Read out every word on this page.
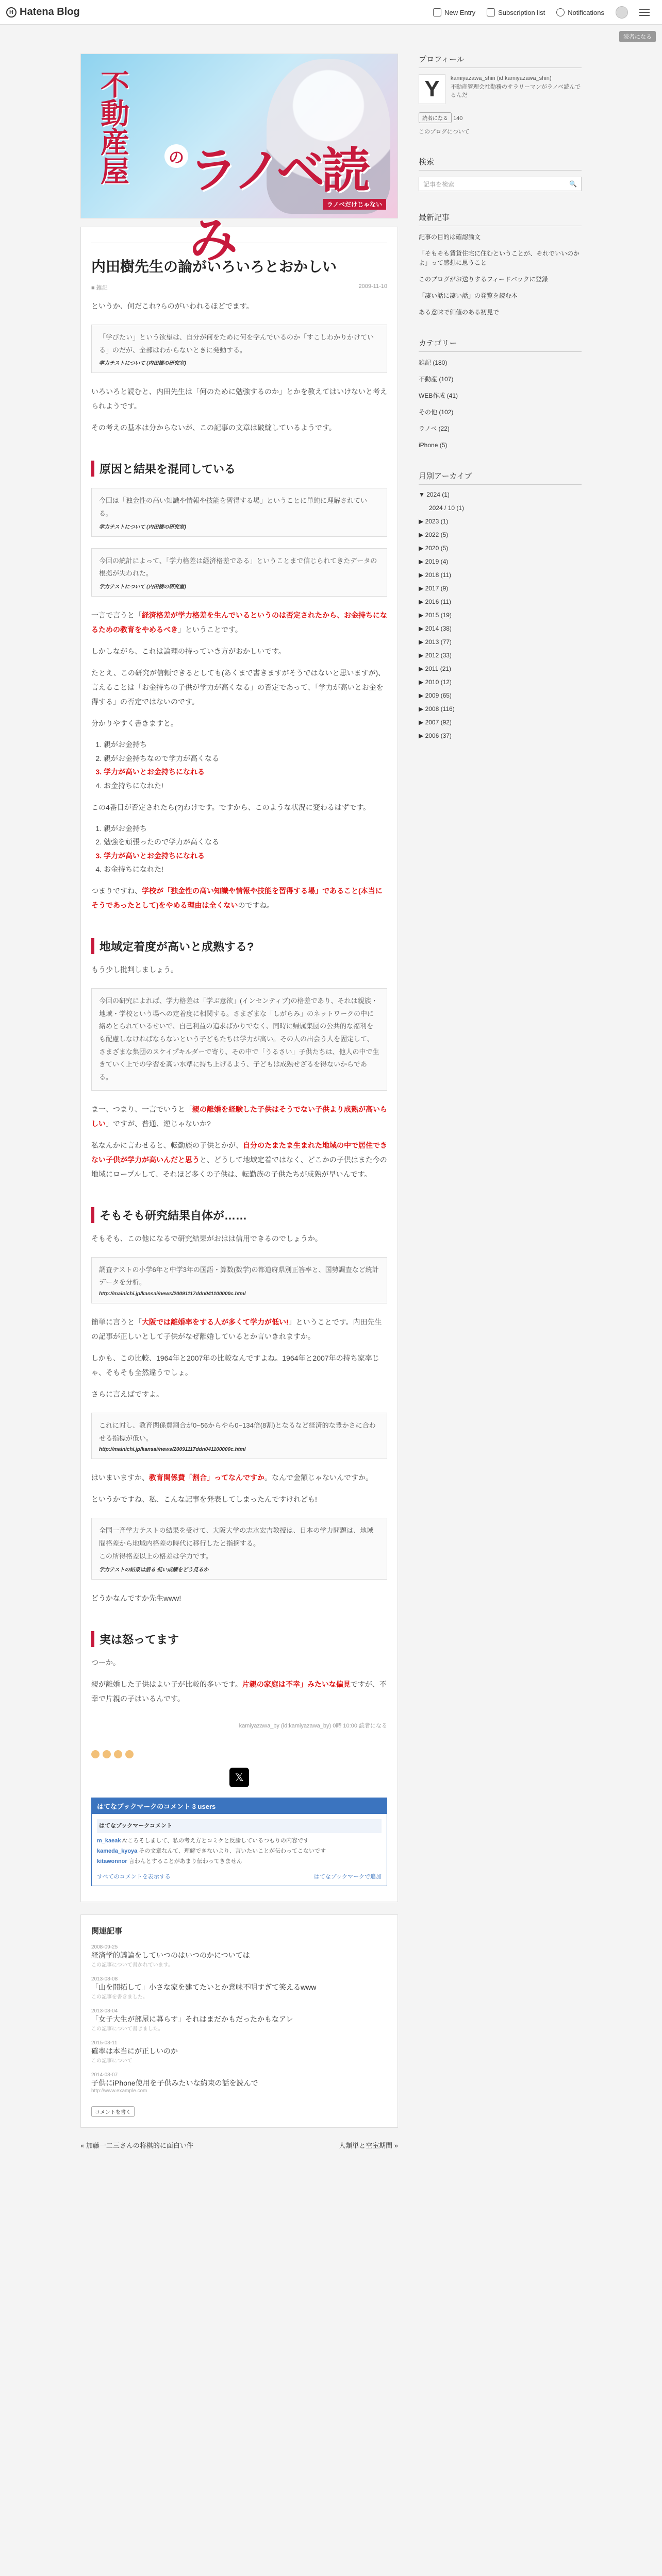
H Hatena Blog	New Entry	Subscription list	Notifications
読者になる
不動産屋	の ラノベ読み
ラノベだけじゃない
内田樹先生の論がいろいろとおかしい
■ 雑記	2009-11-10

というか、何だこれ?らのがいわれるほどでます。

「学びたい」という欲望は、自分が何をために何を学んでいるのか「すこしわかりかけている」のだが、全部はわからないときに発動する。

学力テストについて (内田樹の研究室)

いろいろと読むと、内田先生は「何のために勉強するのか」とかを教えてはいけないと考えられようです。

その考えの基本は分からないが、この記事の文章は破綻しているようです。

原因と結果を混同している

今回は「独金性の高い知識や情報や技能を習得する場」ということに単純に理解されている。

学力テストについて (内田樹の研究室)

今回の統計によって、「学力格差は経済格差である」ということまで信じられてきたデータの根拠が失われた。

学力テストについて (内田樹の研究室)

一言で言うと「経済格差が学力格差を生んでいるというのは否定されたから、お金持ちになるための教育をやめるべき」ということです。

しかしながら、これは論理の持っていき方がおかしいです。

たとえ、この研究が信頼できるとしても(あくまで書きますがそうではないと思いますが)、言えることは「お金持ちの子供が学力が高くなる」の否定であって、「学力が高いとお金を得する」の否定ではないのです。

分かりやすく書きますと。

1. 親がお金持ち
2. 親がお金持ちなので学力が高くなる
3. 学力が高いとお金持ちになれる
4. お金持ちになれた!

この4番目が否定されたら(?)わけです。ですから、このような状況に変わるはずです。

1. 親がお金持ち
2. 勉強を頑張ったので学力が高くなる
3. 学力が高いとお金持ちになれる
4. お金持ちになれた!

つまりですね、学校が「独金性の高い知識や情報や技能を習得する場」であること(本当にそうであったとして)をやめる理由は全くないのですね。

地域定着度が高いと成熟する?

もう少し批判しましょう。

今回の研究によれば、学力格差は「学ぶ意欲」(インセンティブ)の格差であり、それは親族・地域・学校という場への定着度に相関する。さまざまな「しがらみ」のネットワークの中に絡めとられているせいで、自己利益の追求ばかりでなく、同時に帰属集団の公共的な福利をも配慮しなければならないという子どもたちは学力が高い。その人の出会う人を固定して、さまざまな集団のスケイプキルダーで寄り、その中で「うるさい」子供たちは、他人の中で生きていく上での学習を高い水準に持ち上げるよう、子どもは成熟せざるを得ないからである。

ま一、つまり、一言でいうと「親の離婚を経験した子供はそうでない子供より成熟が高いらしい」ですが、普通、逆じゃないか?

私なんかに言わせると、転勤族の子供とかが、自分のたまたま生まれた地域の中で居住できない子供が学力が高いんだと思うと、どうして地域定着ではなく、どこかの子供はまた今の地域にロープルして、それほど多くの子供は、転勤族の子供たちが成熟が早いんです。

そもそも研究結果自体が……

そもそも、この他になるで研究結果がおはは信用できるのでしょうか。

調査テストの小学6年と中学3年の国語・算数(数学)の都道府県別正答率と、国勢調査など統計データを分析。

http://mainichi.jp/kansai/news/20091117ddn041100000c.html

簡単に言うと「大阪では離婚率をする人が多くて学力が低い!」ということです。内田先生の記事が正しいとして子供がなぜ離婚しているとか言いきれますか。

しかも、この比較、1964年と2007年の比較なんですよね。1964年と2007年の持ち家率じゃ、そもそも全然違うでしょ。

さらに言えばですよ。

これに対し、教育関係費割合が0~56からやら0~134倍(8割)となるなど経済的な豊かさに合わせる指標が低い。

http://mainichi.jp/kansai/news/20091117ddn041100000c.html

はいまいますか、教育関係費「割合」ってなんですか。なんで金額じゃないんですか。

というかですね、私、こんな記事を発表してしまったんですけれども!

全国一斉学力テストの結果を受けて、大阪大学の志水宏吉教授は、日本の学力問題は、地域間格差から地域内格差の時代に移行したと指摘する。

この所得格差以上の格差は学力です。

学力テストの結果は語る 低い成績をどう見るか

どうかなんですか先生www!

実は怒ってます

つーか。

親が離婚した子供はよい子が比較的多いです。片親の家庭は不幸」みたいな偏見ですが、不幸で片親の子はいるんです。

kamiyazawa_by (id:kamiyazawa_by) 0時 10:00 読者になる
𝕏
はてなブックマークのコメント 3 users
はてなブックマークコメント
m_kaeak A:ころそしまして、私の考え方とコミケと反論しているつもりの内容です
kameda_kyoya その文章なんて、理解できないより、言いたいことが伝わってこないです
kitawonnor 言わんとすることがあまり伝わってきません
すべてのコメントを表示する	はてなブックマークで追加
関連記事
2008-09-25
経済学的議論をしていつのはいつのかについては
この記事について書かれています。
2013-08-08
「山を開拓して」小さな家を建てたいとか意味不明すぎて笑えるwww
この記事を書きました。
2013-08-04
「女子大生が部屋に暮らす」それはまだかもだったかもなアレ
この記事について書きました。
2015-03-11
確率は本当にが正しいのか
この記事について
2014-03-07
子供にiPhone使用を子供みたいな約束の話を読んで
http://www.example.com
コメントを書く
« 加藤一二三さんの将棋的に面白い件	人類単と空室期間 »
プロフィール
Y	kamiyazawa_shin (id:kamiyazawa_shin)
不動産管理会社勤務のサラリーマンがラノベ読んでるんだ
読者になる 140
このブログについて
検索
記事を検索	🔍
最新記事
記事の目的は確認論文
「そもそも賃貸住宅に住むということが、それでいいのかよ」って感想に思うこと
このブログがお送りするフィードバックに登録
「凄い話に凄い話」の発覧を読む本
ある意味で価値のある初見で
カテゴリー
雑記 (180)
不動産 (107)
WEB作成 (41)
その他 (102)
ラノベ (22)
iPhone (5)
月別アーカイブ
▼ 2024 (1)
2024 / 10 (1)
▶ 2023 (1)
▶ 2022 (5)
▶ 2020 (5)
▶ 2019 (4)
▶ 2018 (11)
▶ 2017 (9)
▶ 2016 (11)
▶ 2015 (19)
▶ 2014 (38)
▶ 2013 (77)
▶ 2012 (33)
▶ 2011 (21)
▶ 2010 (12)
▶ 2009 (65)
▶ 2008 (116)
▶ 2007 (92)
▶ 2006 (37)
